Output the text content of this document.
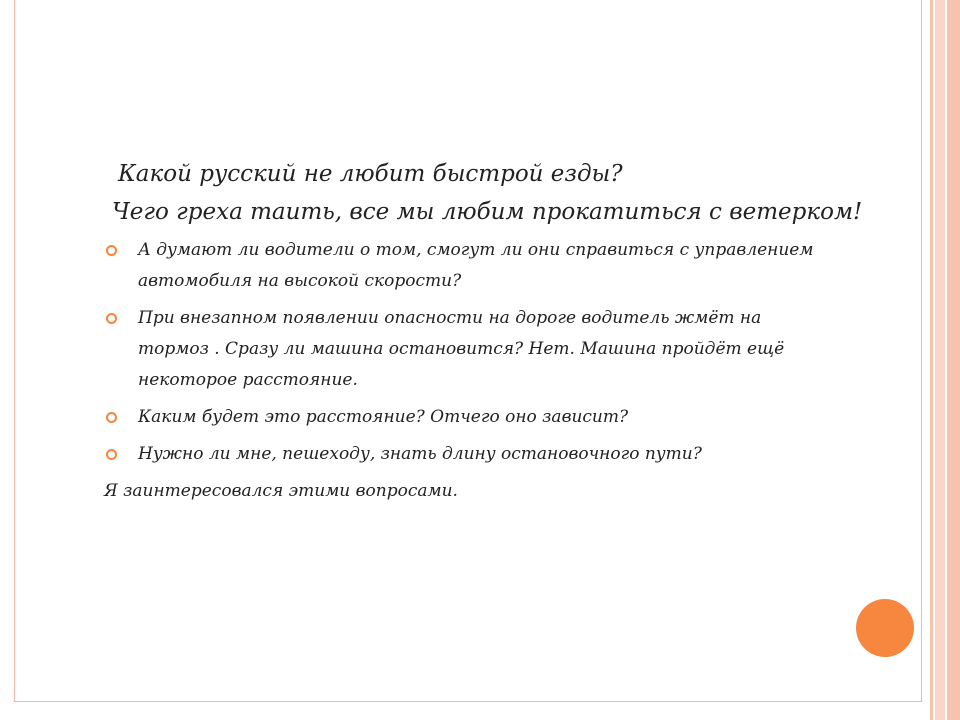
Какой русский не любит быстрой езды?

Чего греха таить, все мы любим прокатиться с ветерком!

А думают ли водители о том, смогут ли они справиться с управлением автомобиля на высокой скорости?
При внезапном появлении опасности на дороге водитель жмёт на тормоз . Сразу ли машина остановится? Нет. Машина пройдёт ещё некоторое расстояние.
Каким будет это расстояние? Отчего оно зависит?
Нужно ли мне, пешеходу, знать длину остановочного пути?

Я заинтересовался этими вопросами.
